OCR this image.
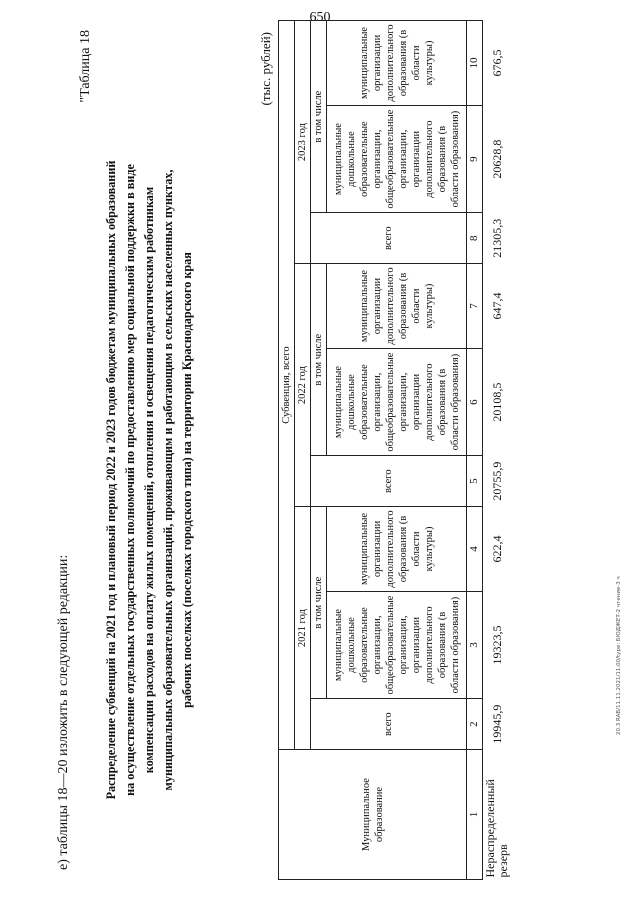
650
20.3 RAB/11.11.2021/11:00/type: БЮДЖЕТ-2 чтение-3 ч
е) таблицы 18—20 изложить в следующей редакции:
"Таблица 18
Распределение субвенций на 2021 год и плановый период 2022 и 2023 годов бюджетам муниципальных образований на осуществление отдельных государственных полномочий по предоставлению мер социальной поддержки в виде компенсации расходов на оплату жилых помещений, отопления и освещения педагогическим работникам муниципальных образовательных организаций, проживающим и работающим в сельских населенных пунктах, рабочих поселках (поселках городского типа) на территории Краснодарского края
(тыс. рублей)
Муниципальное образование	Субвенция, всего								
	2021 год			2022 год			2023 год		
	всего	в том числе		всего	в том числе		всего	в том числе	
		муниципальные дошкольные образовательные организации, общеобразовательные организации, организации дополнительного образования (в области образования)	муниципальные организации дополнительного образования (в области культуры)		муниципальные дошкольные образовательные организации, общеобразовательные организации, организации дополнительного образования (в области образования)	муниципальные организации дополнительного образования (в области культуры)		муниципальные дошкольные образовательные организации, общеобразовательные организации, организации дополнительного образования (в области образования)	муниципальные организации дополнительного образования (в области культуры)
1	2	3	4	5	6	7	8	9	10
Нераспределенный резерв	19945,9	19323,5	622,4	20755,9	20108,5	647,4	21305,3	20628,8	676,5
